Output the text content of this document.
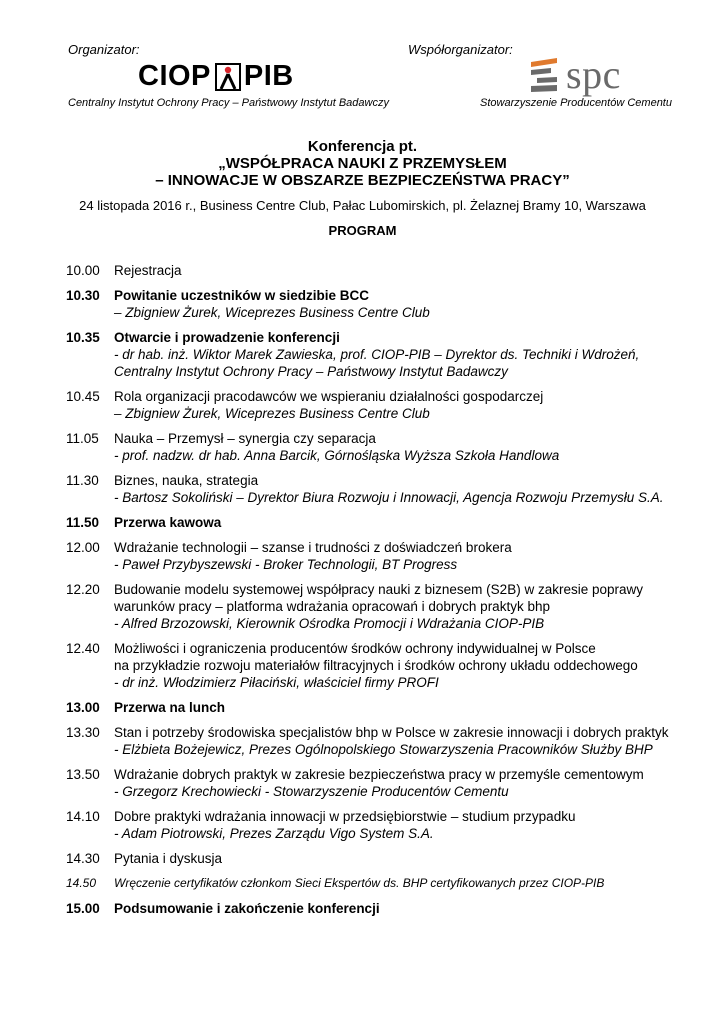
Organizator:	Współorganizator:
CIOP PIB	spc
Centralny Instytut Ochrony Pracy – Państwowy Instytut Badawczy	Stowarzyszenie Producentów Cementu
Konferencja pt.
„WSPÓŁPRACA NAUKI Z PRZEMYSŁEM
– INNOWACJE W OBSZARZE BEZPIECZEŃSTWA PRACY”
24 listopada 2016 r., Business Centre Club, Pałac Lubomirskich, pl. Żelaznej Bramy 10, Warszawa
PROGRAM
10.00	Rejestracja
10.30	Powitanie uczestników w siedzibie BCC
– Zbigniew Żurek, Wiceprezes Business Centre Club
10.35	Otwarcie i prowadzenie konferencji
- dr hab. inż. Wiktor Marek Zawieska, prof. CIOP-PIB – Dyrektor ds. Techniki i Wdrożeń,
Centralny Instytut Ochrony Pracy – Państwowy Instytut Badawczy
10.45	Rola organizacji pracodawców we wspieraniu działalności gospodarczej
– Zbigniew Żurek, Wiceprezes Business Centre Club
11.05	Nauka – Przemysł – synergia czy separacja
- prof. nadzw. dr hab. Anna Barcik, Górnośląska Wyższa Szkoła Handlowa
11.30	Biznes, nauka, strategia
- Bartosz Sokoliński – Dyrektor Biura Rozwoju i Innowacji, Agencja Rozwoju Przemysłu S.A.
11.50	Przerwa kawowa
12.00	Wdrażanie technologii – szanse i trudności z doświadczeń brokera
- Paweł Przybyszewski - Broker Technologii, BT Progress
12.20	Budowanie modelu systemowej współpracy nauki z biznesem (S2B) w zakresie poprawy
warunków pracy – platforma wdrażania opracowań i dobrych praktyk bhp
- Alfred Brzozowski, Kierownik Ośrodka Promocji i Wdrażania CIOP-PIB
12.40	Możliwości i ograniczenia producentów środków ochrony indywidualnej w Polsce
na przykładzie rozwoju materiałów filtracyjnych i środków ochrony układu oddechowego
- dr inż. Włodzimierz Piłaciński, właściciel firmy PROFI
13.00	Przerwa na lunch
13.30	Stan i potrzeby środowiska specjalistów bhp w Polsce w zakresie innowacji i dobrych praktyk
- Elżbieta Bożejewicz, Prezes Ogólnopolskiego Stowarzyszenia Pracowników Służby BHP
13.50	Wdrażanie dobrych praktyk w zakresie bezpieczeństwa pracy w przemyśle cementowym
- Grzegorz Krechowiecki - Stowarzyszenie Producentów Cementu
14.10	Dobre praktyki wdrażania innowacji w przedsiębiorstwie – studium przypadku
- Adam Piotrowski, Prezes Zarządu Vigo System S.A.
14.30	Pytania i dyskusja
14.50	Wręczenie certyfikatów członkom Sieci Ekspertów ds. BHP certyfikowanych przez CIOP-PIB
15.00	Podsumowanie i zakończenie konferencji
